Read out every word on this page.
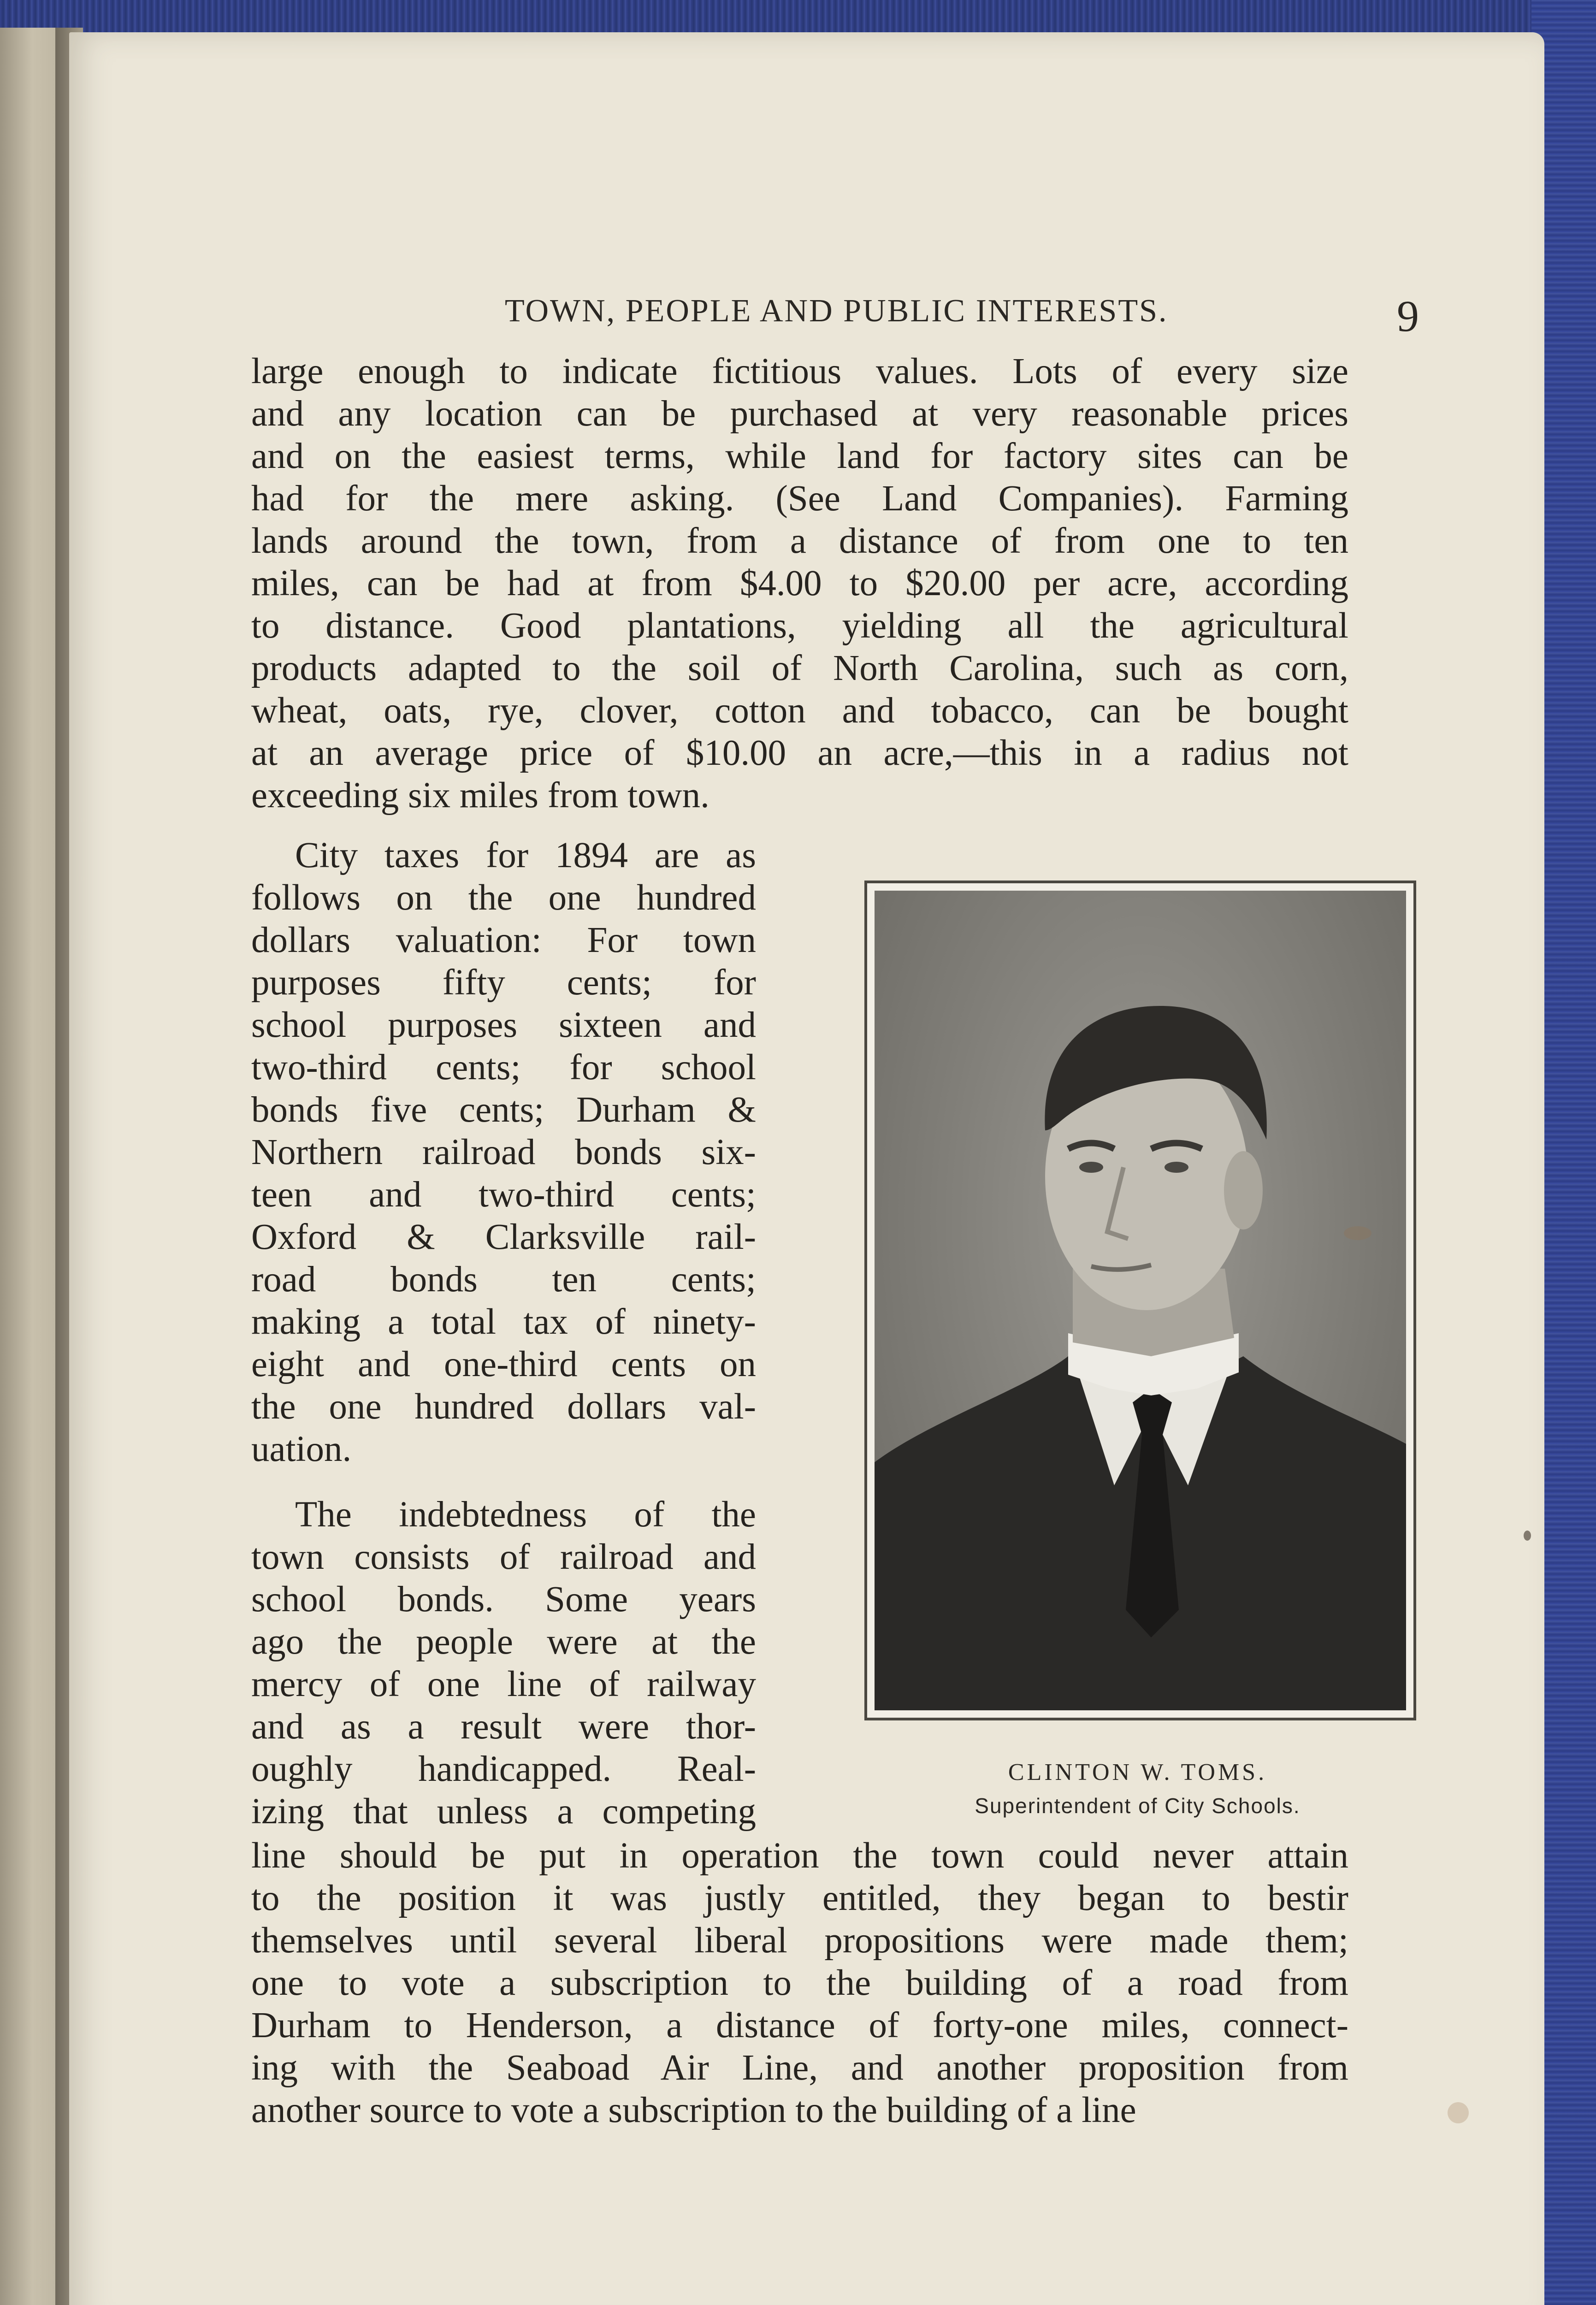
TOWN, PEOPLE AND PUBLIC INTERESTS.	9
large enough to indicate fictitious values. Lots of every size
and any location can be purchased at very reasonable prices
and on the easiest terms, while land for factory sites can be
had for the mere asking. (See Land Companies). Farming
lands around the town, from a distance of from one to ten
miles, can be had at from $4.00 to $20.00 per acre, according
to distance. Good plantations, yielding all the agricultural
products adapted to the soil of North Carolina, such as corn,
wheat, oats, rye, clover, cotton and tobacco, can be bought
at an average price of $10.00 an acre,—this in a radius not
exceeding six miles from town.
City taxes for 1894 are as
follows on the one hundred
dollars valuation: For town
purposes fifty cents; for
school purposes sixteen and
two-third cents; for school
bonds five cents; Durham &
Northern railroad bonds six-
teen and two-third cents;
Oxford & Clarksville rail-
road bonds ten cents;
making a total tax of ninety-
eight and one-third cents on
the one hundred dollars val-
uation.
The indebtedness of the
town consists of railroad and
school bonds. Some years
ago the people were at the
mercy of one line of railway
and as a result were thor-
oughly handicapped. Real-
izing that unless a competing
line should be put in operation the town could never attain
to the position it was justly entitled, they began to bestir
themselves until several liberal propositions were made them;
one to vote a subscription to the building of a road from
Durham to Henderson, a distance of forty-one miles, connect-
ing with the Seaboad Air Line, and another proposition from
another source to vote a subscription to the building of a line
CLINTON W. TOMS.
Superintendent of City Schools.
